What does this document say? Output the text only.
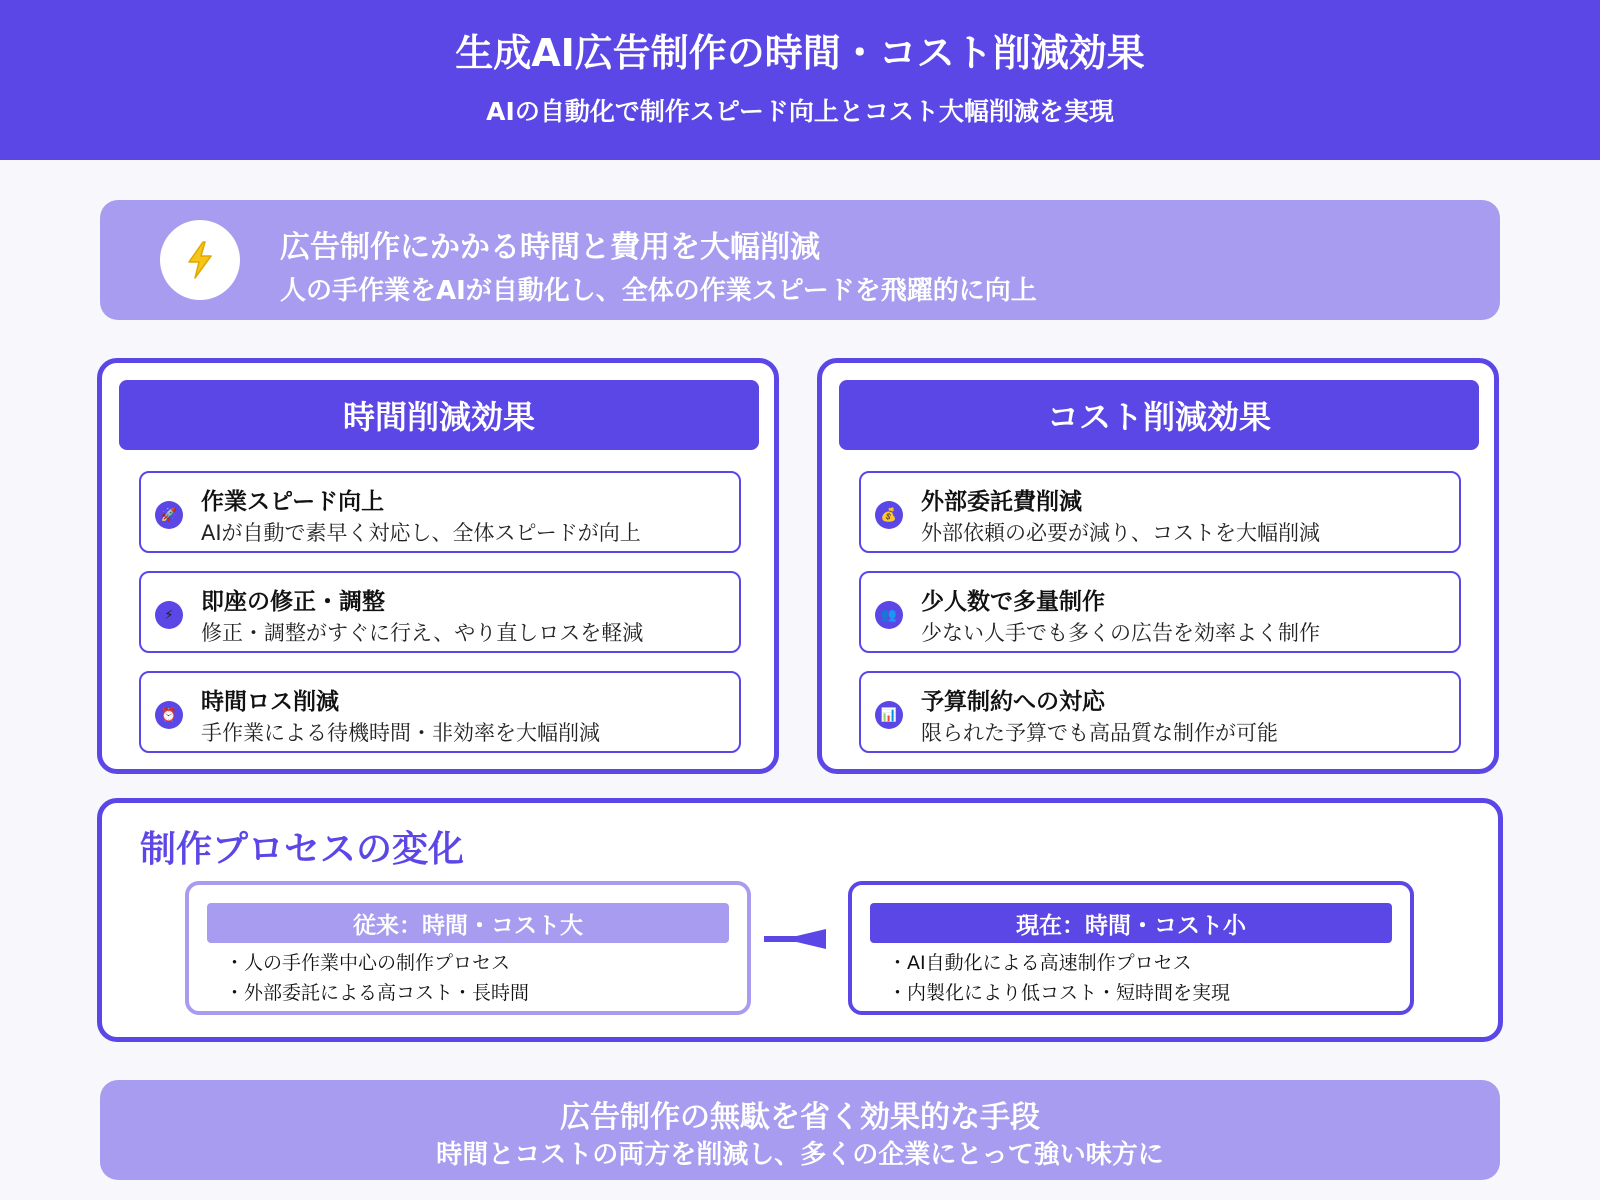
生成AI広告制作の時間・コスト削減効果
AIの自動化で制作スピード向上とコスト大幅削減を実現
広告制作にかかる時間と費用を大幅削減
人の手作業をAIが自動化し、全体の作業スピードを飛躍的に向上
時間削減効果
🚀 作業スピード向上
AIが自動で素早く対応し、全体スピードが向上
⚡	即座の修正・調整
修正・調整がすぐに行え、やり直しロスを軽減
⏰ 時間ロス削減
手作業による待機時間・非効率を大幅削減
コスト削減効果
💰 外部委託費削減
外部依頼の必要が減り、コストを大幅削減
👥 少人数で多量制作
少ない人手でも多くの広告を効率よく制作
📊 予算制約への対応
限られた予算でも高品質な制作が可能
制作プロセスの変化
従来：時間・コスト大
・人の手作業中心の制作プロセス
・外部委託による高コスト・長時間
現在：時間・コスト小
・AI自動化による高速制作プロセス
・内製化により低コスト・短時間を実現
広告制作の無駄を省く効果的な手段
時間とコストの両方を削減し、多くの企業にとって強い味方に
